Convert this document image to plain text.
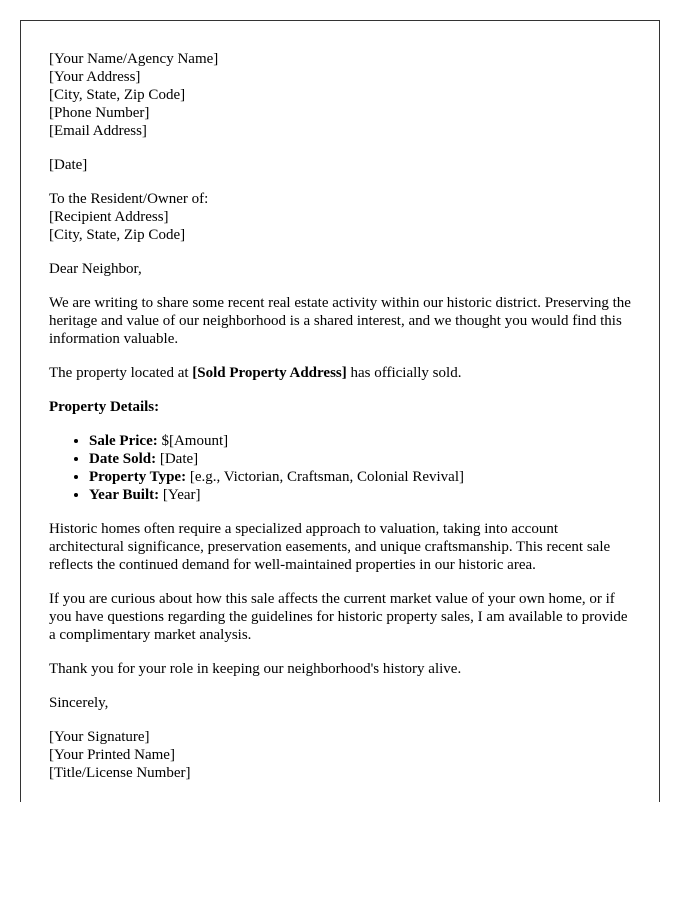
[Your Name/Agency Name]
[Your Address]
[City, State, Zip Code]
[Phone Number]
[Email Address]

[Date]

To the Resident/Owner of:
[Recipient Address]
[City, State, Zip Code]

Dear Neighbor,

We are writing to share some recent real estate activity within our historic district. Preserving the heritage and value of our neighborhood is a shared interest, and we thought you would find this information valuable.

The property located at [Sold Property Address] has officially sold.

Property Details:

• Sale Price: $[Amount]
• Date Sold: [Date]
• Property Type: [e.g., Victorian, Craftsman, Colonial Revival]
• Year Built: [Year]

Historic homes often require a specialized approach to valuation, taking into account architectural significance, preservation easements, and unique craftsmanship. This recent sale reflects the continued demand for well-maintained properties in our historic area.

If you are curious about how this sale affects the current market value of your own home, or if you have questions regarding the guidelines for historic property sales, I am available to provide a complimentary market analysis.

Thank you for your role in keeping our neighborhood's history alive.

Sincerely,

[Your Signature]
[Your Printed Name]
[Title/License Number]
